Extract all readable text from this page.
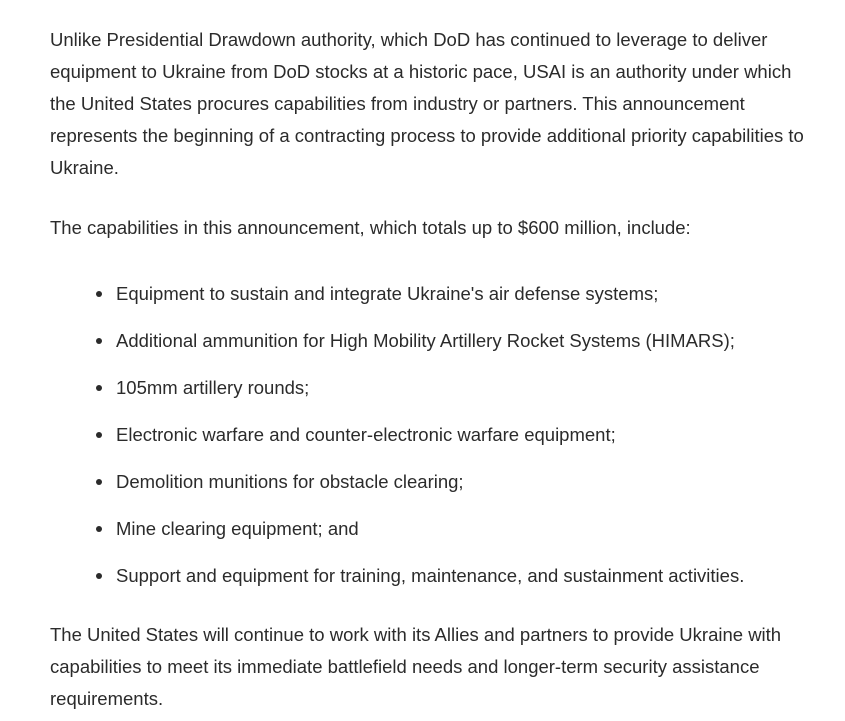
Unlike Presidential Drawdown authority, which DoD has continued to leverage to deliver equipment to Ukraine from DoD stocks at a historic pace, USAI is an authority under which the United States procures capabilities from industry or partners. This announcement represents the beginning of a contracting process to provide additional priority capabilities to Ukraine.

The capabilities in this announcement, which totals up to $600 million, include:

Equipment to sustain and integrate Ukraine's air defense systems;
Additional ammunition for High Mobility Artillery Rocket Systems (HIMARS);
105mm artillery rounds;
Electronic warfare and counter-electronic warfare equipment;
Demolition munitions for obstacle clearing;
Mine clearing equipment; and
Support and equipment for training, maintenance, and sustainment activities.

The United States will continue to work with its Allies and partners to provide Ukraine with capabilities to meet its immediate battlefield needs and longer-term security assistance requirements.
